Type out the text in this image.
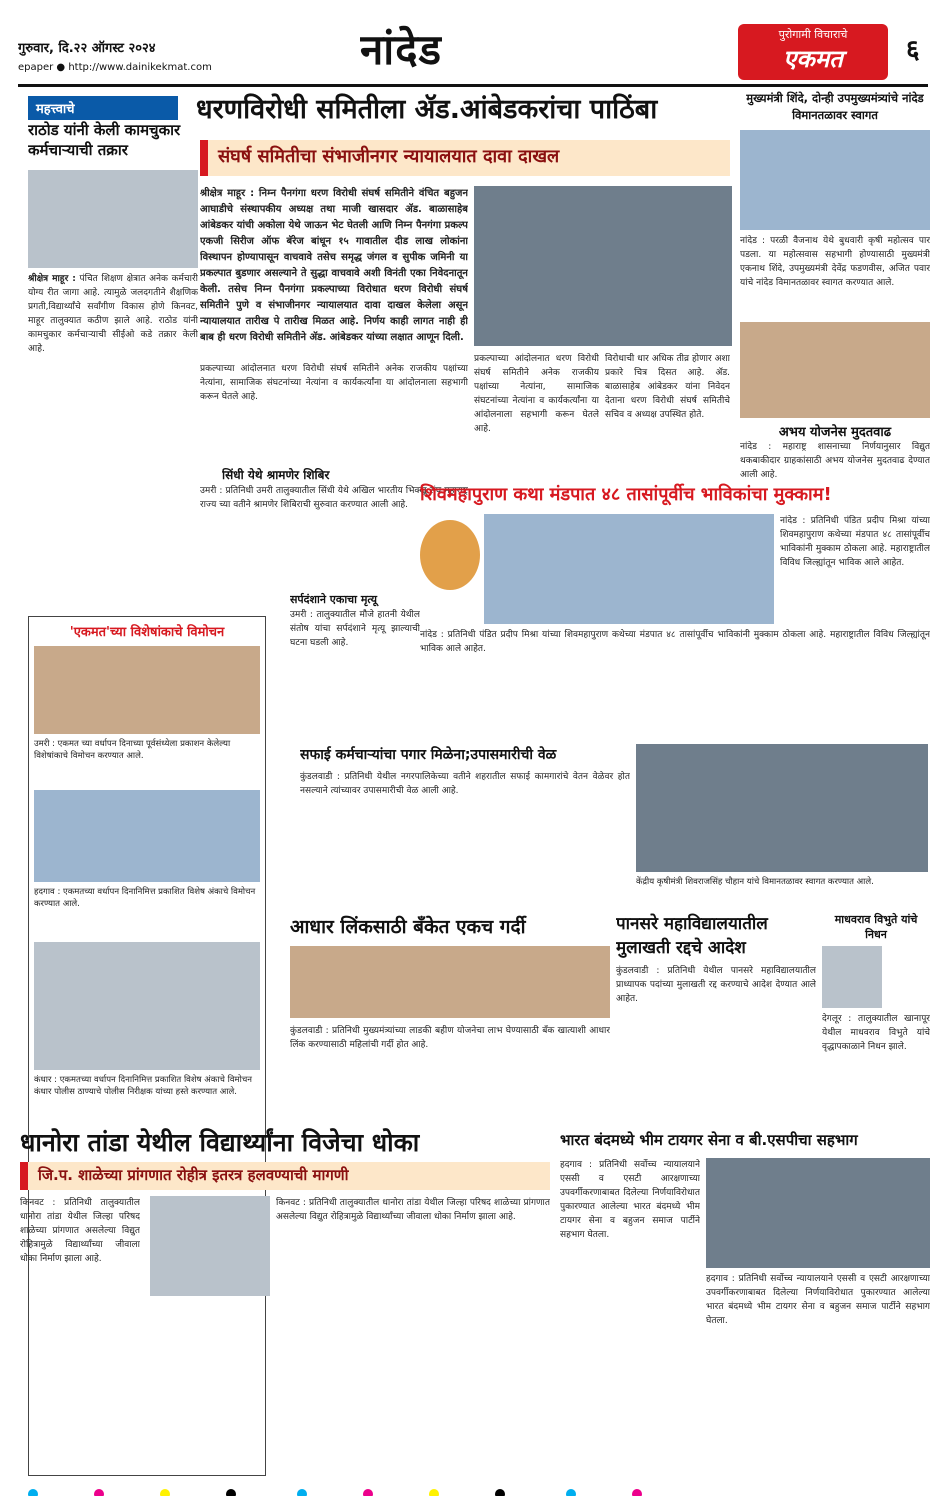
गुरुवार, दि.२२ ऑगस्ट २०२४
epaper ● http://www.dainikekmat.com	नांदेड	पुरोगामी विचाराचे
एकमत	६
महत्त्वाचे
राठोड यांनी केली कामचुकार कर्मचाऱ्याची तक्रार
श्रीक्षेत्र माहूर : पंचित शिक्षण क्षेत्रात अनेक कर्मचारी योग्य रीत जागा आहे. त्यामुळे जलदगतीने शैक्षणिक प्रगती,विद्यार्थ्यांचे सर्वांगीण विकास होणे किनवट, माहूर तालुक्यात कठीण झाले आहे. राठोड यांनी कामचुकार कर्मचाऱ्याची सीईओ कडे तक्रार केली आहे.
'एकमत'च्या विशेषांकाचे विमोचन
उमरी : एकमत च्या वर्धापन दिनाच्या पूर्वसंध्येला प्रकाशन केलेल्या विशेषांकाचे विमोचन करण्यात आले.
हदगाव : एकमतच्या वर्धापन दिनानिमित्त प्रकाशित विशेष अंकाचे विमोचन करण्यात आले.
कंधार : एकमतच्या वर्धापन दिनानिमित्त प्रकाशित विशेष अंकाचे विमोचन कंधार पोलीस ठाण्याचे पोलीस निरीक्षक यांच्या हस्ते करण्यात आले.
धरणविरोधी समितीला ॲड.आंबेडकरांचा पाठिंबा
संघर्ष समितीचा संभाजीनगर न्यायालयात दावा दाखल
श्रीक्षेत्र माहूर : निम्न पैनगंगा धरण विरोधी संघर्ष समितीने वंचित बहुजन आघाडीचे संस्थापकीय अध्यक्ष तथा माजी खासदार ॲड. बाळासाहेब आंबेडकर यांची अकोला येथे जाऊन भेट घेतली आणि निम्न पैनगंगा प्रकल्प एकजी सिरीज ऑफ बॅरेज बांधून १५ गावातील दीड लाख लोकांना विस्थापन होण्यापासून वाचवावे तसेच समृद्ध जंगल व सुपीक जमिनी या प्रकल्पात बुडणार असल्याने ते सुद्धा वाचवावे अशी विनंती एका निवेदनातून केली. तसेच निम्न पैनगंगा प्रकल्पाच्या विरोधात धरण विरोधी संघर्ष समितीने पुणे व संभाजीनगर न्यायालयात दावा दाखल केलेला असून न्यायालयात तारीख पे तारीख मिळत आहे. निर्णय काही लागत नाही ही बाब ही धरण विरोधी समितीने ॲड. आंबेडकर यांच्या लक्षात आणून दिली.
प्रकल्पाच्या आंदोलनात धरण विरोधी संघर्ष समितीने अनेक राजकीय पक्षांच्या नेत्यांना, सामाजिक संघटनांच्या नेत्यांना व कार्यकर्त्यांना या आंदोलनाला सहभागी करून घेतले आहे.
विरोधाची धार अधिक तीव्र होणार अशा प्रकारे चित्र दिसत आहे. ॲड. बाळासाहेब आंबेडकर यांना निवेदन देताना धरण विरोधी संघर्ष समितीचे सचिव व अध्यक्ष उपस्थित होते.
प्रकल्पाच्या आंदोलनात धरण विरोधी संघर्ष समितीने अनेक राजकीय पक्षांच्या नेत्यांना, सामाजिक संघटनांच्या नेत्यांना व कार्यकर्त्यांना या आंदोलनाला सहभागी करून घेतले आहे.
सिंधी येथे श्रामणेर शिबिर
उमरी : प्रतिनिधी उमरी तालुक्यातील सिंधी येथे अखिल भारतीय भिक्खू संघ महाराष्ट्र राज्य च्या वतीने श्रामणेर शिबिराची सुरुवात करण्यात आली आहे.
मुख्यमंत्री शिंदे, दोन्ही उपमुख्यमंत्र्यांचे नांदेड विमानतळावर स्वागत
नांदेड : परळी वैजनाथ येथे बुधवारी कृषी महोत्सव पार पडला. या महोत्सवास सहभागी होण्यासाठी मुख्यमंत्री एकनाथ शिंदे, उपमुख्यमंत्री देवेंद्र फडणवीस, अजित पवार यांचे नांदेड विमानतळावर स्वागत करण्यात आले.
अभय योजनेस मुदतवाढ
नांदेड : महाराष्ट्र शासनाच्या निर्णयानुसार विद्युत थकबाकीदार ग्राहकांसाठी अभय योजनेस मुदतवाढ देण्यात आली आहे.
शिवमहापुराण कथा मंडपात ४८ तासांपूर्वीच भाविकांचा मुक्काम!
नांदेड : प्रतिनिधी पंडित प्रदीप मिश्रा यांच्या शिवमहापुराण कथेच्या मंडपात ४८ तासांपूर्वीच भाविकांनी मुक्काम ठोकला आहे. महाराष्ट्रातील विविध जिल्ह्यांतून भाविक आले आहेत.
नांदेड : प्रतिनिधी पंडित प्रदीप मिश्रा यांच्या शिवमहापुराण कथेच्या मंडपात ४८ तासांपूर्वीच भाविकांनी मुक्काम ठोकला आहे. महाराष्ट्रातील विविध जिल्ह्यांतून भाविक आले आहेत.
सर्पदंशाने एकाचा मृत्यू
उमरी : तालुक्यातील मौजे हातनी येथील संतोष यांचा सर्पदंशाने मृत्यू झाल्याची घटना घडली आहे.
सफाई कर्मचाऱ्यांचा पगार मिळेना;उपासमारीची वेळ
कुंडलवाडी : प्रतिनिधी येथील नगरपालिकेच्या वतीने शहरातील सफाई कामगारांचे वेतन वेळेवर होत नसल्याने त्यांच्यावर उपासमारीची वेळ आली आहे.
केंद्रीय कृषीमंत्री शिवराजसिंह चौहान यांचे विमानतळावर स्वागत करण्यात आले.
आधार लिंकसाठी बँकेत एकच गर्दी
कुंडलवाडी : प्रतिनिधी मुख्यमंत्र्यांच्या लाडकी बहीण योजनेचा लाभ घेण्यासाठी बँक खात्याशी आधार लिंक करण्यासाठी महिलांची गर्दी होत आहे.
पानसरे महाविद्यालयातील मुलाखती रद्दचे आदेश
कुंडलवाडी : प्रतिनिधी येथील पानसरे महाविद्यालयातील प्राध्यापक पदांच्या मुलाखती रद्द करण्याचे आदेश देण्यात आले आहेत.
माधवराव विभुते यांचे निधन
देगलूर : तालुक्यातील खानापूर येथील माधवराव विभुते यांचे वृद्धापकाळाने निधन झाले.
धानोरा तांडा येथील विद्यार्थ्यांना विजेचा धोका
जि.प. शाळेच्या प्रांगणात रोहीत्र इतरत्र हलवण्याची मागणी
किनवट : प्रतिनिधी तालुक्यातील धानोरा तांडा येथील जिल्हा परिषद शाळेच्या प्रांगणात असलेल्या विद्युत रोहित्रामुळे विद्यार्थ्यांच्या जीवाला धोका निर्माण झाला आहे.
किनवट : प्रतिनिधी तालुक्यातील धानोरा तांडा येथील जिल्हा परिषद शाळेच्या प्रांगणात असलेल्या विद्युत रोहित्रामुळे विद्यार्थ्यांच्या जीवाला धोका निर्माण झाला आहे.
भारत बंदमध्ये भीम टायगर सेना व बी.एसपीचा सहभाग
हदगाव : प्रतिनिधी सर्वोच्च न्यायालयाने एससी व एसटी आरक्षणाच्या उपवर्गीकरणाबाबत दिलेल्या निर्णयाविरोधात पुकारण्यात आलेल्या भारत बंदमध्ये भीम टायगर सेना व बहुजन समाज पार्टीने सहभाग घेतला.
हदगाव : प्रतिनिधी सर्वोच्च न्यायालयाने एससी व एसटी आरक्षणाच्या उपवर्गीकरणाबाबत दिलेल्या निर्णयाविरोधात पुकारण्यात आलेल्या भारत बंदमध्ये भीम टायगर सेना व बहुजन समाज पार्टीने सहभाग घेतला.
